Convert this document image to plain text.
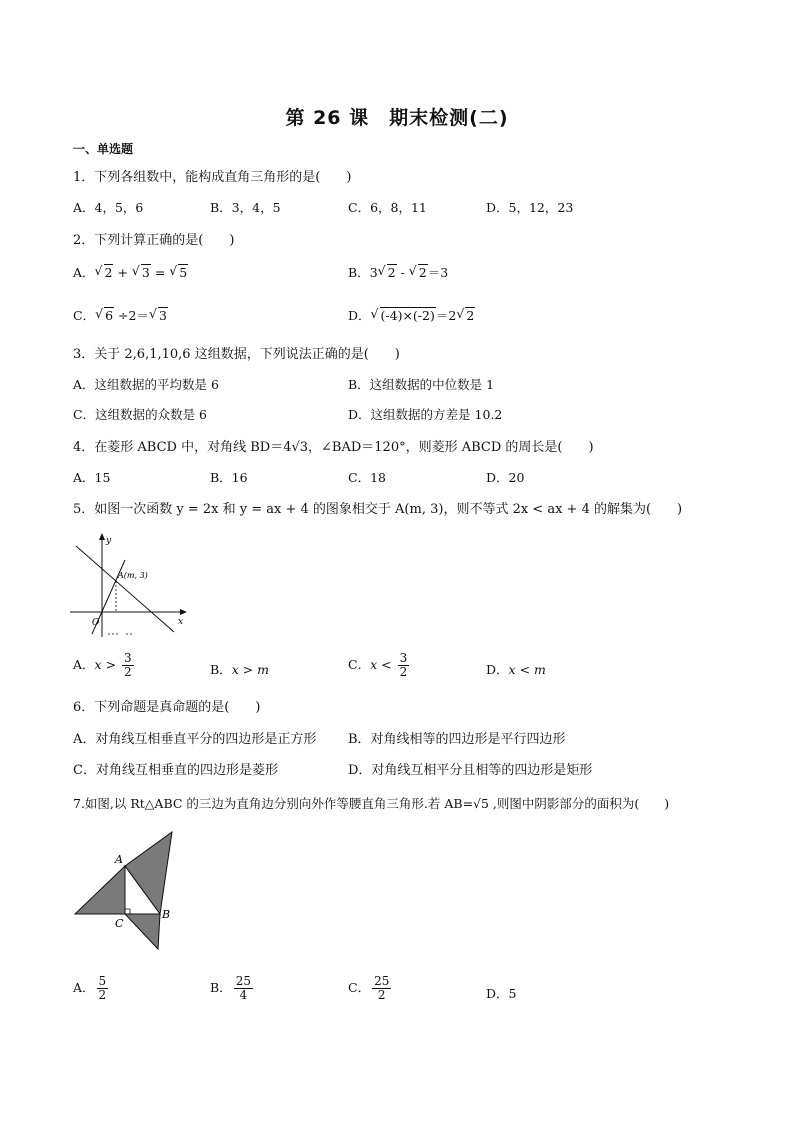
第 26 课　期末检测(二)
一、单选题
1．下列各组数中，能构成直角三角形的是(　　)
A．4，5，6	B．3，4，5	C．6，8，11	D．5，12，23
2．下列计算正确的是(　　)
A． √ 2 + √ 3 = √ 5	B．3 √ 2 - √ 2＝3
C． √ 6 ÷2＝ √ 3	D． √ (-4)×(-2)＝2 √ 2
3．关于 2,6,1,10,6 这组数据，下列说法正确的是(　　)
A．这组数据的平均数是 6	B．这组数据的中位数是 1
C．这组数据的众数是 6	D．这组数据的方差是 10.2
4．在菱形 ABCD 中，对角线 BD＝4√3，∠BAD＝120°，则菱形 ABCD 的周长是(　　)
A．15	B．16	C．18	D．20
5．如图一次函数 y = 2x 和 y = ax + 4 的图象相交于 A(m, 3)，则不等式 2x < ax + 4 的解集为(　　)
A(m, 3)
O	x
y
A．$x > \frac{3}{2}$	B．x > m	C．$x < \frac{3}{2}$	D．x < m
6．下列命题是真命题的是(　　)
A．对角线互相垂直平分的四边形是正方形 B．对角线相等的四边形是平行四边形
C．对角线互相垂直的四边形是菱形	D．对角线互相平分且相等的四边形是矩形
7.如图,以 Rt△ABC 的三边为直角边分别向外作等腰直角三角形.若 AB=√5 ,则图中阴影部分的面积为(　　)
A
B
C
A． $\frac{5}{2}$	B． $\frac{25}{4}$	C． $\frac{25}{2}$	D．5
